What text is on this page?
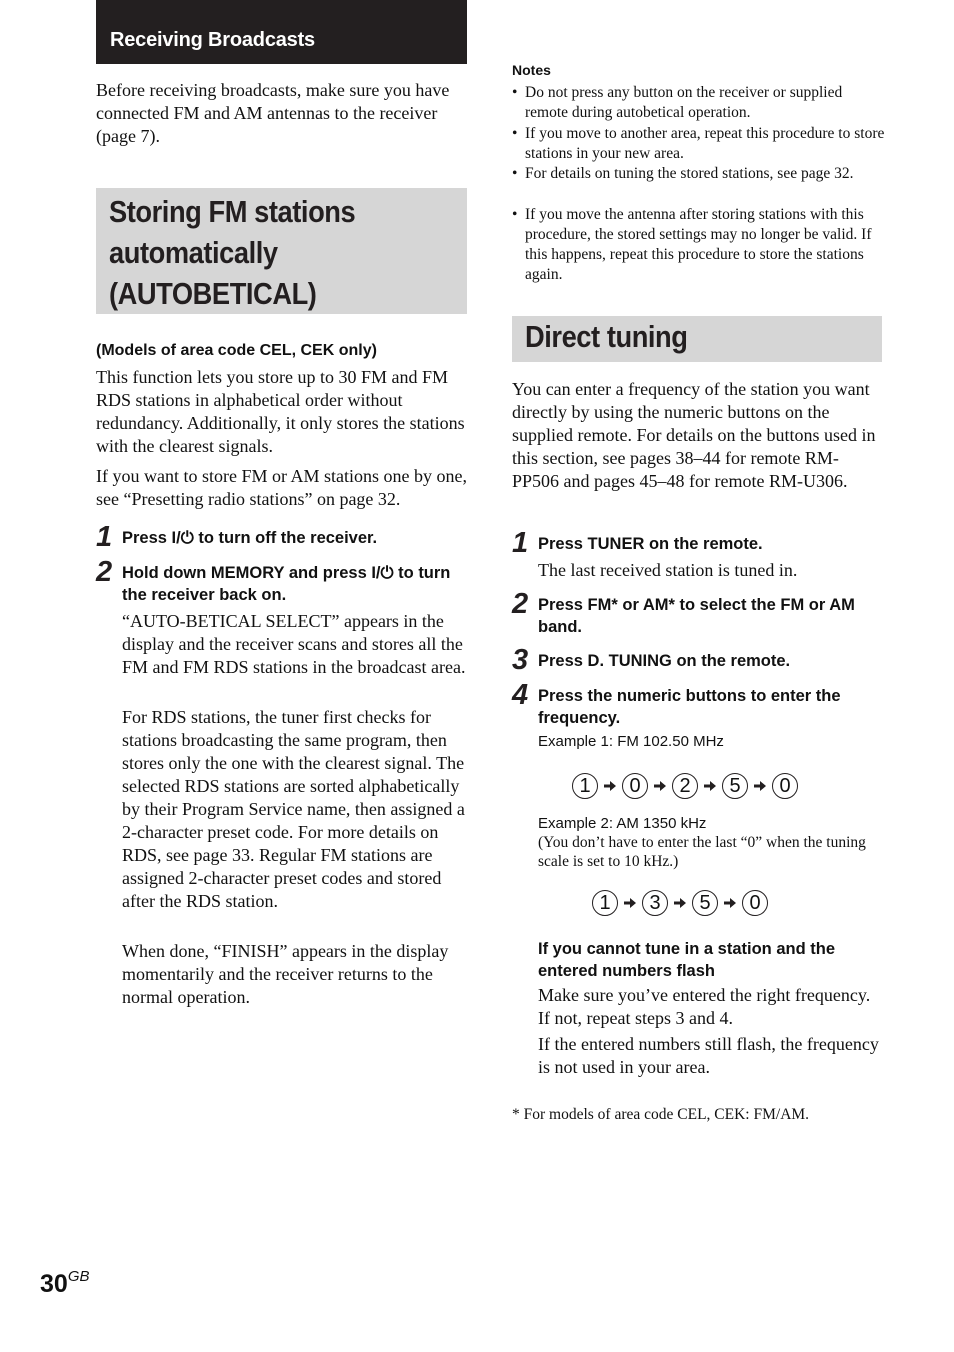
Receiving Broadcasts

Before receiving broadcasts, make sure you have connected FM and AM antennas to the receiver (page 7).

Storing FM stations
automatically
(AUTOBETICAL)

(Models of area code CEL, CEK only)

This function lets you store up to 30 FM and FM RDS stations in alphabetical order without redundancy. Additionally, it only stores the stations with the clearest signals.

If you want to store FM or AM stations one by one, see “Presetting radio stations” on page 32.

1 Press I/⏻ to turn off the receiver.
2 Hold down MEMORY and press I/⏻ to turn the receiver back on.

“AUTO-BETICAL SELECT” appears in the display and the receiver scans and stores all the FM and FM RDS stations in the broadcast area.

For RDS stations, the tuner first checks for stations broadcasting the same program, then stores only the one with the clearest signal. The selected RDS stations are sorted alphabetically by their Program Service name, then assigned a 2-character preset code. For more details on RDS, see page 33. Regular FM stations are assigned 2-character preset codes and stored after the RDS station.

When done, “FINISH” appears in the display momentarily and the receiver returns to the normal operation.

Notes
• Do not press any button on the receiver or supplied remote during autobetical operation.
• If you move to another area, repeat this procedure to store stations in your new area.
• For details on tuning the stored stations, see page 32.
• If you move the antenna after storing stations with this procedure, the stored settings may no longer be valid. If this happens, repeat this procedure to store the stations again.
Direct tuning

You can enter a frequency of the station you want directly by using the numeric buttons on the supplied remote. For details on the buttons used in this section, see pages 38–44 for remote RM-PP506 and pages 45–48 for remote RM-U306.

1 Press TUNER on the remote.

The last received station is tuned in.

2 Press FM* or AM* to select the FM or AM band.
3 Press D. TUNING on the remote.
4 Press the numeric buttons to enter the frequency.
Example 1: FM 102.50 MHz
1	0	2	5	0
Example 2: AM 1350 kHz
(You don’t have to enter the last “0” when the tuning scale is set to 10 kHz.)
1	3	5	0
If you cannot tune in a station and the entered numbers flash

Make sure you’ve entered the right frequency. If not, repeat steps 3 and 4.

If the entered numbers still flash, the frequency is not used in your area.

* For models of area code CEL, CEK: FM/AM.
$30^{GB}$
